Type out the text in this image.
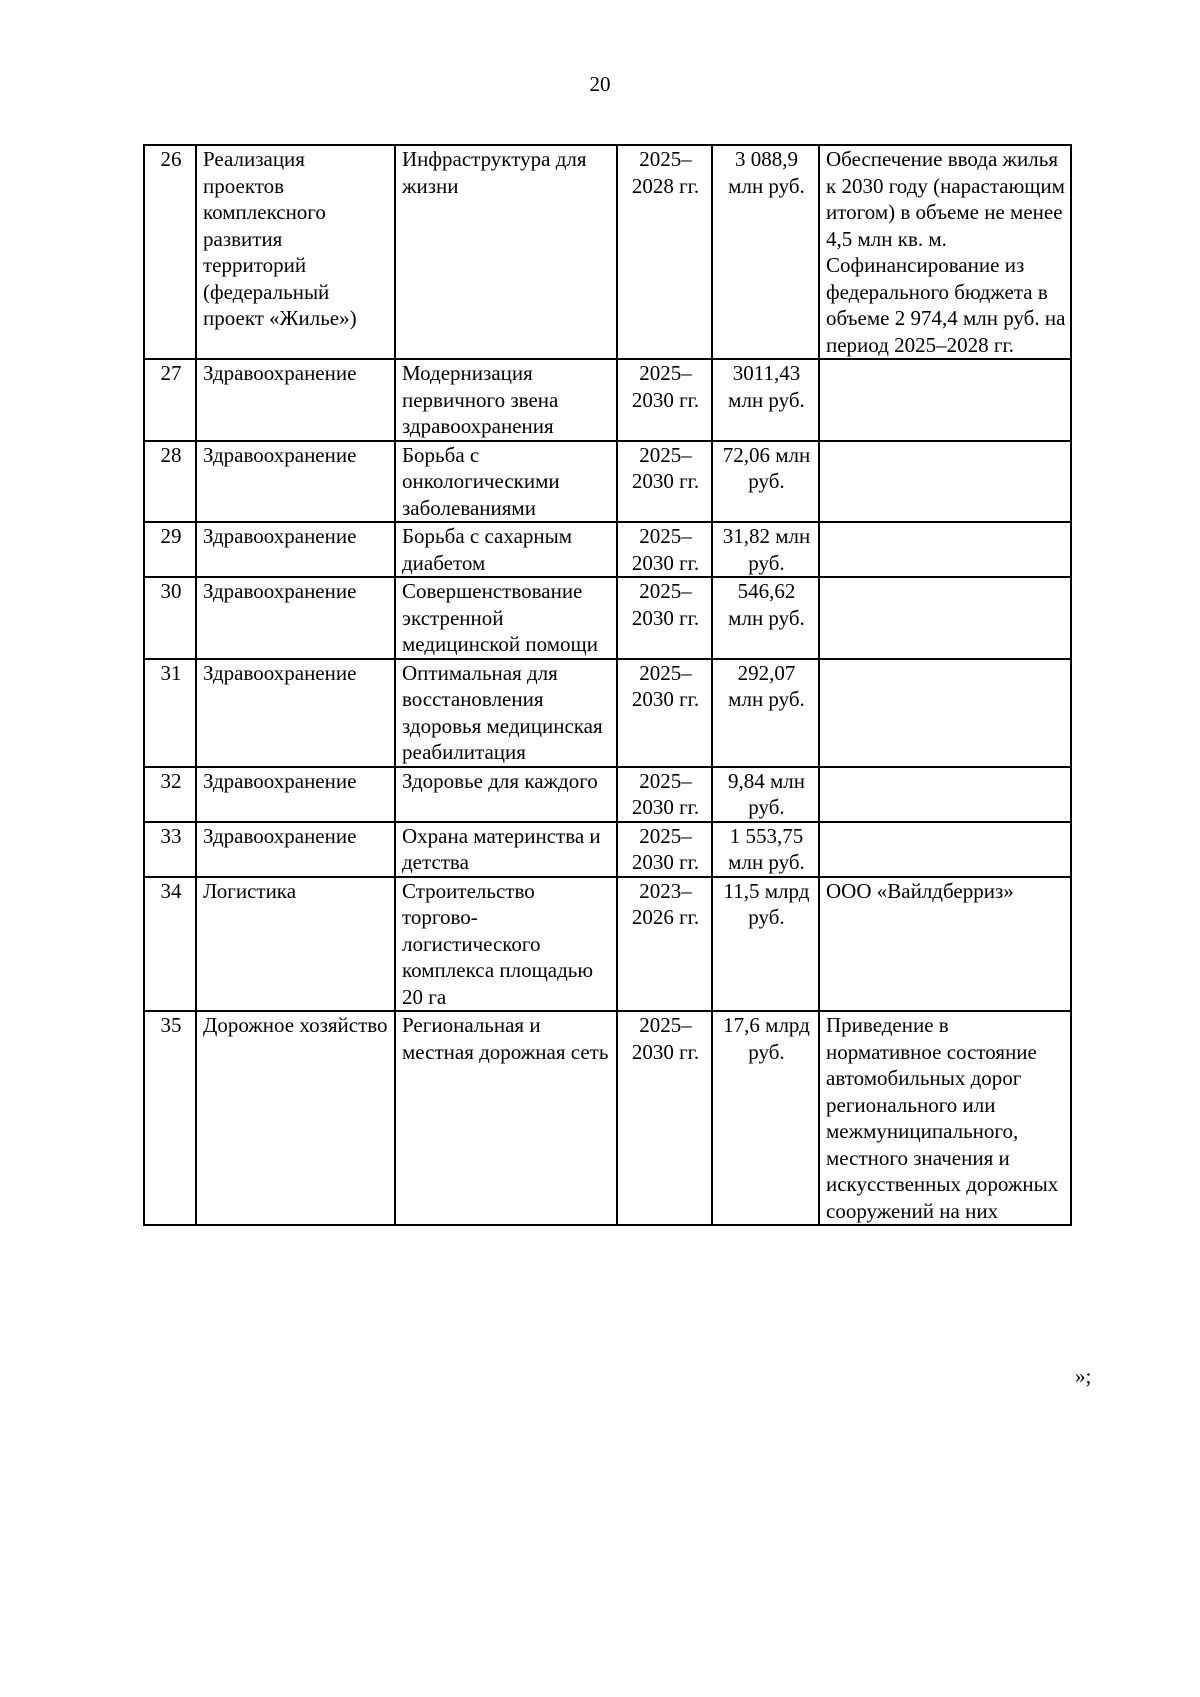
20
26	Реализация проектов комплексного развития территорий (федеральный проект «Жилье»)	Инфраструктура для жизни	2025–2028 гг.	3 088,9 млн руб.	Обеспечение ввода жилья к 2030 году (нарастающим итогом) в объеме не менее 4,5 млн кв. м. Софинансирование из федерального бюджета в объеме 2 974,4 млн руб. на период 2025–2028 гг.
27	Здравоохранение	Модернизация первичного звена здравоохранения	2025–2030 гг.	3011,43 млн руб.	
28	Здравоохранение	Борьба с онкологическими заболеваниями	2025–2030 гг.	72,06 млн руб.	
29	Здравоохранение	Борьба с сахарным диабетом	2025–2030 гг.	31,82 млн руб.	
30	Здравоохранение	Совершенствование экстренной медицинской помощи	2025–2030 гг.	546,62 млн руб.	
31	Здравоохранение	Оптимальная для восстановления здоровья медицинская реабилитация	2025–2030 гг.	292,07 млн руб.	
32	Здравоохранение	Здоровье для каждого	2025–2030 гг.	9,84 млн руб.	
33	Здравоохранение	Охрана материнства и детства	2025–2030 гг.	1 553,75 млн руб.	
34	Логистика	Строительство торгово-логистического комплекса площадью 20 га	2023–2026 гг.	11,5 млрд руб.	ООО «Вайлдберриз»
35	Дорожное хозяйство	Региональная и местная дорожная сеть	2025–2030 гг.	17,6 млрд руб.	Приведение в нормативное состояние автомобильных дорог регионального или межмуниципального, местного значения и искусственных дорожных сооружений на них
»;
